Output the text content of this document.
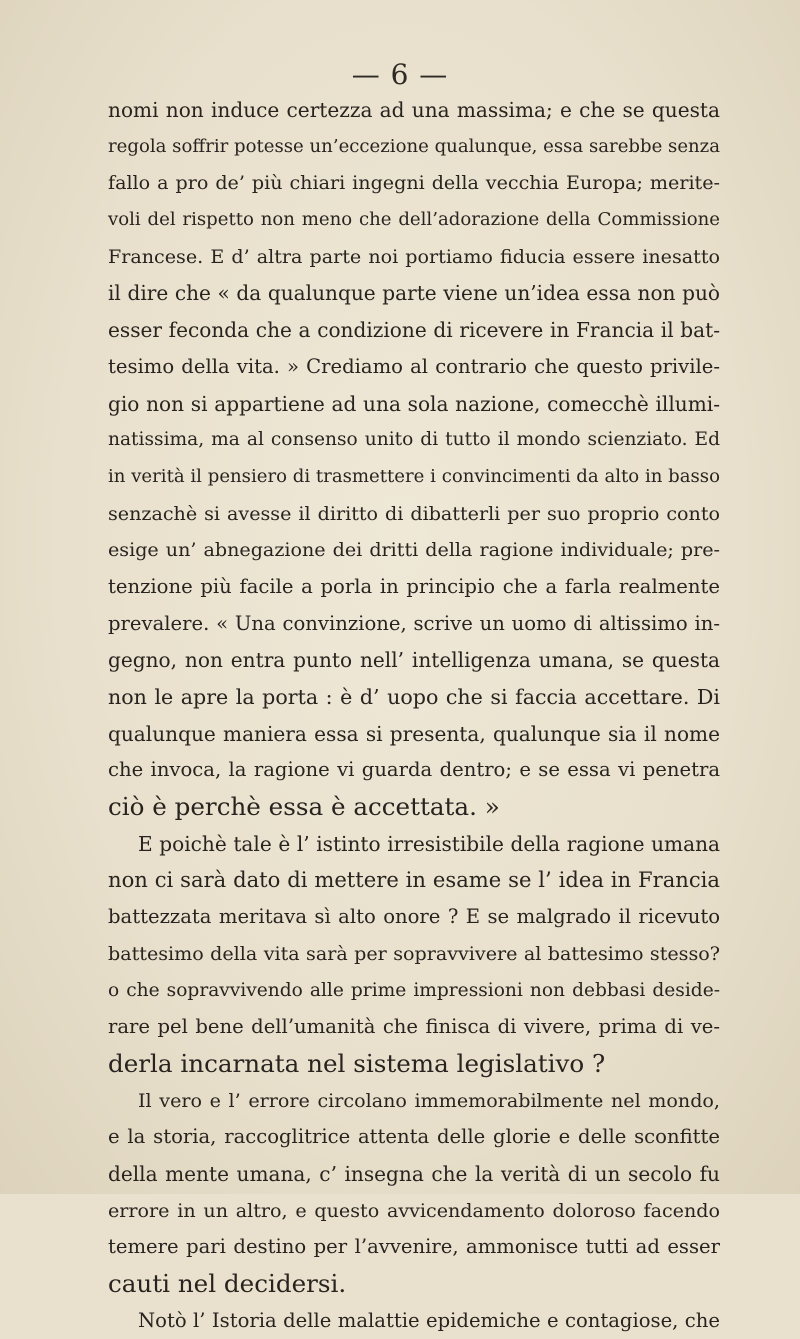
— 6 —
nomi non induce certezza ad una massima; e che se questa
regola soffrir potesse un’eccezione qualunque, essa sarebbe senza
fallo a pro de’ più chiari ingegni della vecchia Europa; merite-
voli del rispetto non meno che dell’adorazione della Commissione
Francese. E d’ altra parte noi portiamo fiducia essere inesatto
il dire che « da qualunque parte viene un’idea essa non può
esser feconda che a condizione di ricevere in Francia il bat-
tesimo della vita. » Crediamo al contrario che questo privile-
gio non si appartiene ad una sola nazione, comecchè illumi-
natissima, ma al consenso unito di tutto il mondo scienziato. Ed
in verità il pensiero di trasmettere i convincimenti da alto in basso
senzachè si avesse il diritto di dibatterli per suo proprio conto
esige un’ abnegazione dei dritti della ragione individuale; pre-
tenzione più facile a porla in principio che a farla realmente
prevalere. « Una convinzione, scrive un uomo di altissimo in-
gegno, non entra punto nell’ intelligenza umana, se questa
non le apre la porta : è d’ uopo che si faccia accettare. Di
qualunque maniera essa si presenta, qualunque sia il nome
che invoca, la ragione vi guarda dentro; e se essa vi penetra
ciò è perchè essa è accettata. »
E poichè tale è l’ istinto irresistibile della ragione umana
non ci sarà dato di mettere in esame se l’ idea in Francia
battezzata meritava sì alto onore ? E se malgrado il ricevuto
battesimo della vita sarà per sopravvivere al battesimo stesso?
o che sopravvivendo alle prime impressioni non debbasi deside-
rare pel bene dell’umanità che finisca di vivere, prima di ve-
derla incarnata nel sistema legislativo ?
Il vero e l’ errore circolano immemorabilmente nel mondo,
e la storia, raccoglitrice attenta delle glorie e delle sconfitte
della mente umana, c’ insegna che la verità di un secolo fu
errore in un altro, e questo avvicendamento doloroso facendo
temere pari destino per l’avvenire, ammonisce tutti ad esser
cauti nel decidersi.
Notò l’ Istoria delle malattie epidemiche e contagiose, che
